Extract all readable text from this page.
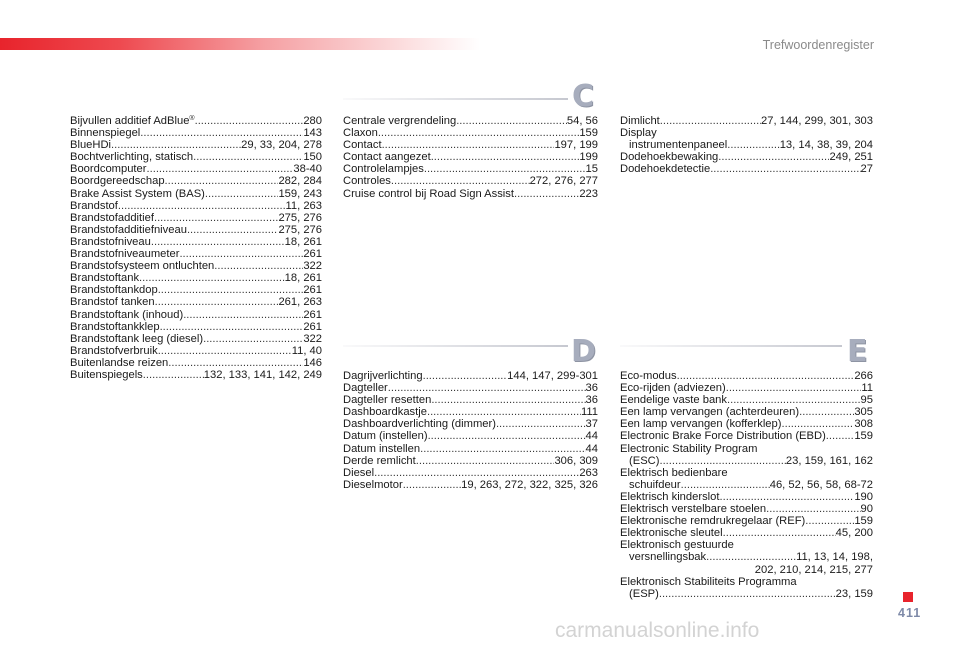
Trefwoordenregister
Bijvullen additief AdBlue® .....	280
Binnenspiegel .....	143
BlueHDi .....	29, 33, 204, 278
Bochtverlichting, statisch .....	150
Boordcomputer .....	38-40
Boordgereedschap .....	282, 284
Brake Assist System (BAS) .....	159, 243
Brandstof .....	11, 263
Brandstofadditief .....	275, 276
Brandstofadditiefniveau .....	275, 276
Brandstofniveau .....	18, 261
Brandstofniveaumeter .....	261
Brandstofsysteem ontluchten .....	322
Brandstoftank .....	18, 261
Brandstoftankdop .....	261
Brandstof tanken .....	261, 263
Brandstoftank (inhoud) .....	261
Brandstoftankklep .....	261
Brandstoftank leeg (diesel) .....	322
Brandstofverbruik .....	11, 40
Buitenlandse reizen .....	146
Buitenspiegels .....	132, 133, 141, 142, 249
C
Centrale vergrendeling .....	54, 56
Claxon .....	159
Contact .....	197, 199
Contact aangezet .....	199
Controlelampjes .....	15
Controles .....	272, 276, 277
Cruise control bij Road Sign Assist .....	223
D
Dagrijverlichting .....	144, 147, 299-301
Dagteller .....	36
Dagteller resetten .....	36
Dashboardkastje .....	111
Dashboardverlichting (dimmer) .....	37
Datum (instellen) .....	44
Datum instellen .....	44
Derde remlicht .....	306, 309
Diesel .....	263
Dieselmotor .....	19, 263, 272, 322, 325, 326
Dimlicht .....	27, 144, 299, 301, 303
Display
instrumentenpaneel .....	13, 14, 38, 39, 204
Dodehoekbewaking .....	249, 251
Dodehoekdetectie .....	27
E
Eco-modus .....	266
Eco-rijden (adviezen) .....	11
Eendelige vaste bank .....	95
Een lamp vervangen (achterdeuren) .....	305
Een lamp vervangen (kofferklep) .....	308
Electronic Brake Force Distribution (EBD) .....	159
Electronic Stability Program
(ESC) .....	23, 159, 161, 162
Elektrisch bedienbare
schuifdeur .....	46, 52, 56, 58, 68-72
Elektrisch kinderslot .....	190
Elektrisch verstelbare stoelen .....	90
Elektronische remdrukregelaar (REF) .....	159
Elektronische sleutel .....	45, 200
Elektronisch gestuurde
versnellingsbak .....	11, 13, 14, 198,
202, 210, 214, 215, 277
Elektronisch Stabiliteits Programma
(ESP) .....	23, 159
411
carmanualsonline.info
